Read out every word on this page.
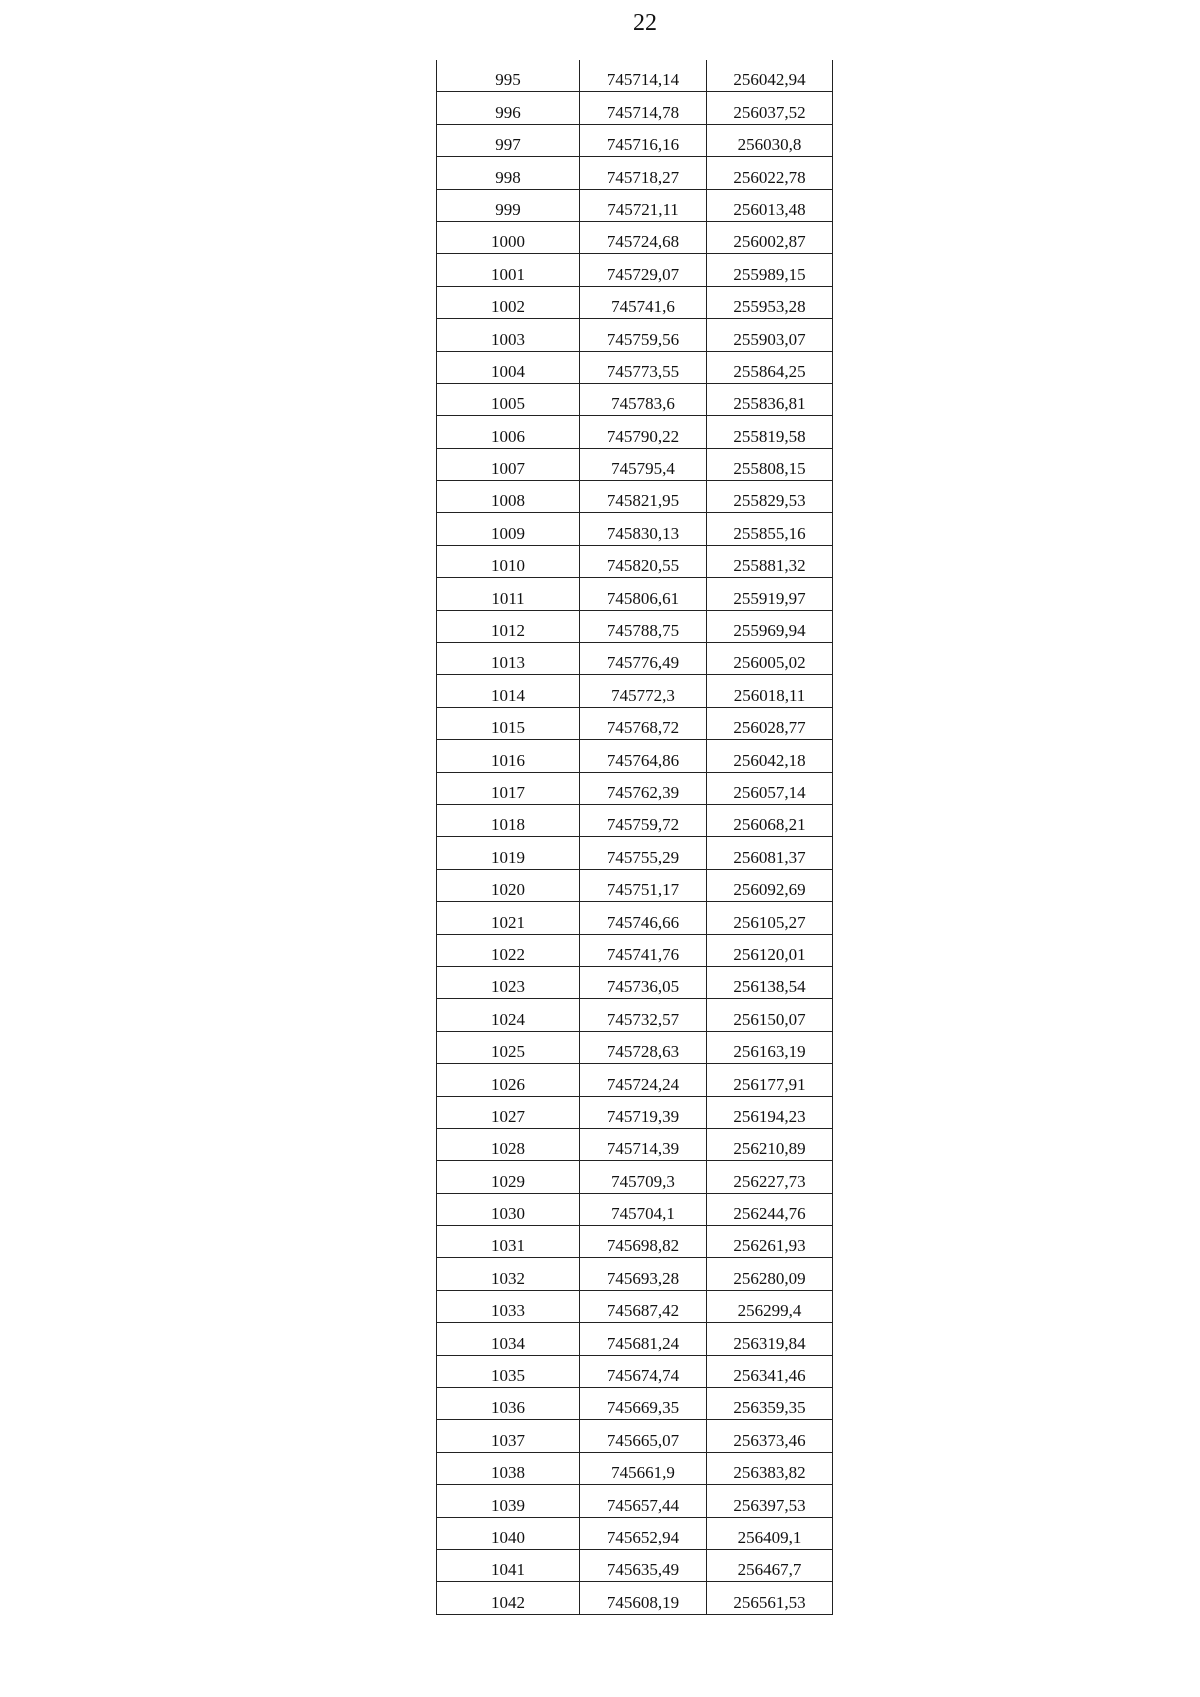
22
995	745714,14	256042,94
996	745714,78	256037,52
997	745716,16	256030,8
998	745718,27	256022,78
999	745721,11	256013,48
1000	745724,68	256002,87
1001	745729,07	255989,15
1002	745741,6	255953,28
1003	745759,56	255903,07
1004	745773,55	255864,25
1005	745783,6	255836,81
1006	745790,22	255819,58
1007	745795,4	255808,15
1008	745821,95	255829,53
1009	745830,13	255855,16
1010	745820,55	255881,32
1011	745806,61	255919,97
1012	745788,75	255969,94
1013	745776,49	256005,02
1014	745772,3	256018,11
1015	745768,72	256028,77
1016	745764,86	256042,18
1017	745762,39	256057,14
1018	745759,72	256068,21
1019	745755,29	256081,37
1020	745751,17	256092,69
1021	745746,66	256105,27
1022	745741,76	256120,01
1023	745736,05	256138,54
1024	745732,57	256150,07
1025	745728,63	256163,19
1026	745724,24	256177,91
1027	745719,39	256194,23
1028	745714,39	256210,89
1029	745709,3	256227,73
1030	745704,1	256244,76
1031	745698,82	256261,93
1032	745693,28	256280,09
1033	745687,42	256299,4
1034	745681,24	256319,84
1035	745674,74	256341,46
1036	745669,35	256359,35
1037	745665,07	256373,46
1038	745661,9	256383,82
1039	745657,44	256397,53
1040	745652,94	256409,1
1041	745635,49	256467,7
1042	745608,19	256561,53
